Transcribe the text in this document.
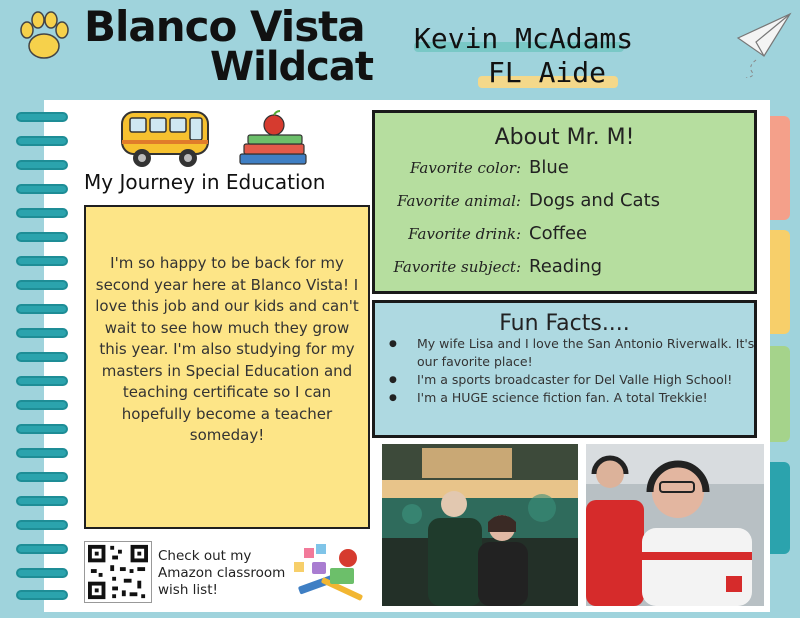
Blanco Vista
Wildcat
Kevin McAdams
FL Aide
My Journey in Education
I'm so happy to be back for my second year here at Blanco Vista! I love this job and our kids and can't wait to see how much they grow this year. I'm also studying for my masters in Special Education and teaching certificate so I can hopefully become a teacher someday!
About Mr. M!
Favorite color: Blue
Favorite animal: Dogs and Cats
Favorite drink: Coffee
Favorite subject: Reading
Fun Facts....
● My wife Lisa and I love the San Antonio Riverwalk. It's our favorite place!
● I'm a sports broadcaster for Del Valle High School!
● I'm a HUGE science fiction fan. A total Trekkie!
Check out my Amazon classroom wish list!
